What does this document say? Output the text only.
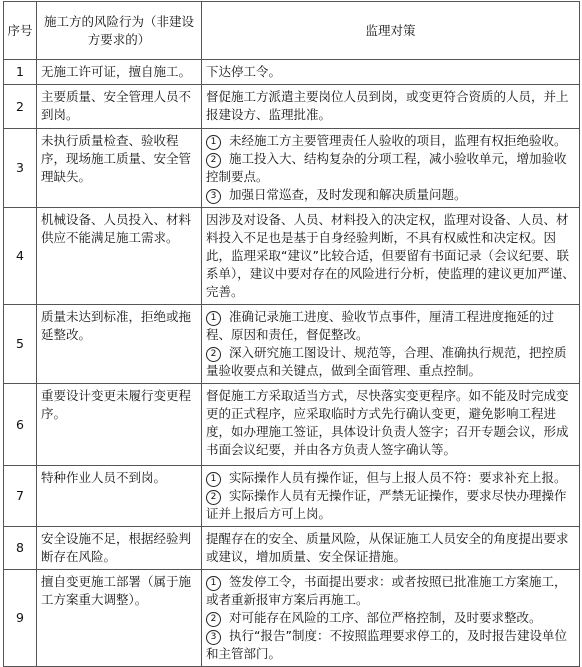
序号	施工方的风险行为（非建设方要求的）	监理对策
1	无施工许可证，擅自施工。	下达停工令。

2	主要质量、安全管理人员不到岗。	督促施工方派遣主要岗位人员到岗，或变更符合资质的人员，并上报建设方、监理批准。

3	未执行质量检查、验收程序，现场施工质量、安全管理缺失。	1 未经施工方主要管理责任人验收的项目，监理有权拒绝验收。
2 施工投入大、结构复杂的分项工程，减小验收单元，增加验收控制要点。
3 加强日常巡查，及时发现和解决质量问题。

4	机械设备、人员投入、材料供应不能满足施工需求。	因涉及对设备、人员、材料投入的决定权，监理对设备、人员、材料投入不足也是基于自身经验判断，不具有权威性和决定权。因此，监理采取“建议”比较合适，但要留有书面记录（会议纪要、联系单），建议中要对存在的风险进行分析，使监理的建议更加严谨、完善。

5	质量未达到标准，拒绝或拖延整改。	1 准确记录施工进度、验收节点事件，厘清工程进度拖延的过程、原因和责任，督促整改。
2 深入研究施工图设计、规范等，合理、准确执行规范，把控质量验收要点和关键点，做到全面管理、重点控制。

6	重要设计变更未履行变更程序。	督促施工方采取适当方式，尽快落实变更程序。如不能及时完成变更的正式程序，应采取临时方式先行确认变更，避免影响工程进度，如办理施工签证，具体设计负责人签字；召开专题会议，形成书面会议纪要，并由各方负责人签字确认等。

7	特种作业人员不到岗。	1 实际操作人员有操作证，但与上报人员不符：要求补充上报。
2 实际操作人员有无操作证，严禁无证操作，要求尽快办理操作证并上报后方可上岗。

8	安全设施不足，根据经验判断存在风险。	提醒存在的安全、质量风险，从保证施工人员安全的角度提出要求或建议，增加质量、安全保证措施。

9	擅自变更施工部署（属于施工方案重大调整）。	1 签发停工令，书面提出要求：或者按照已批准施工方案施工，或者重新报审方案后再施工。
2 对可能存在风险的工序、部位严格控制，及时要求整改。
3 执行“报告”制度：不按照监理要求停工的，及时报告建设单位和主管部门。
